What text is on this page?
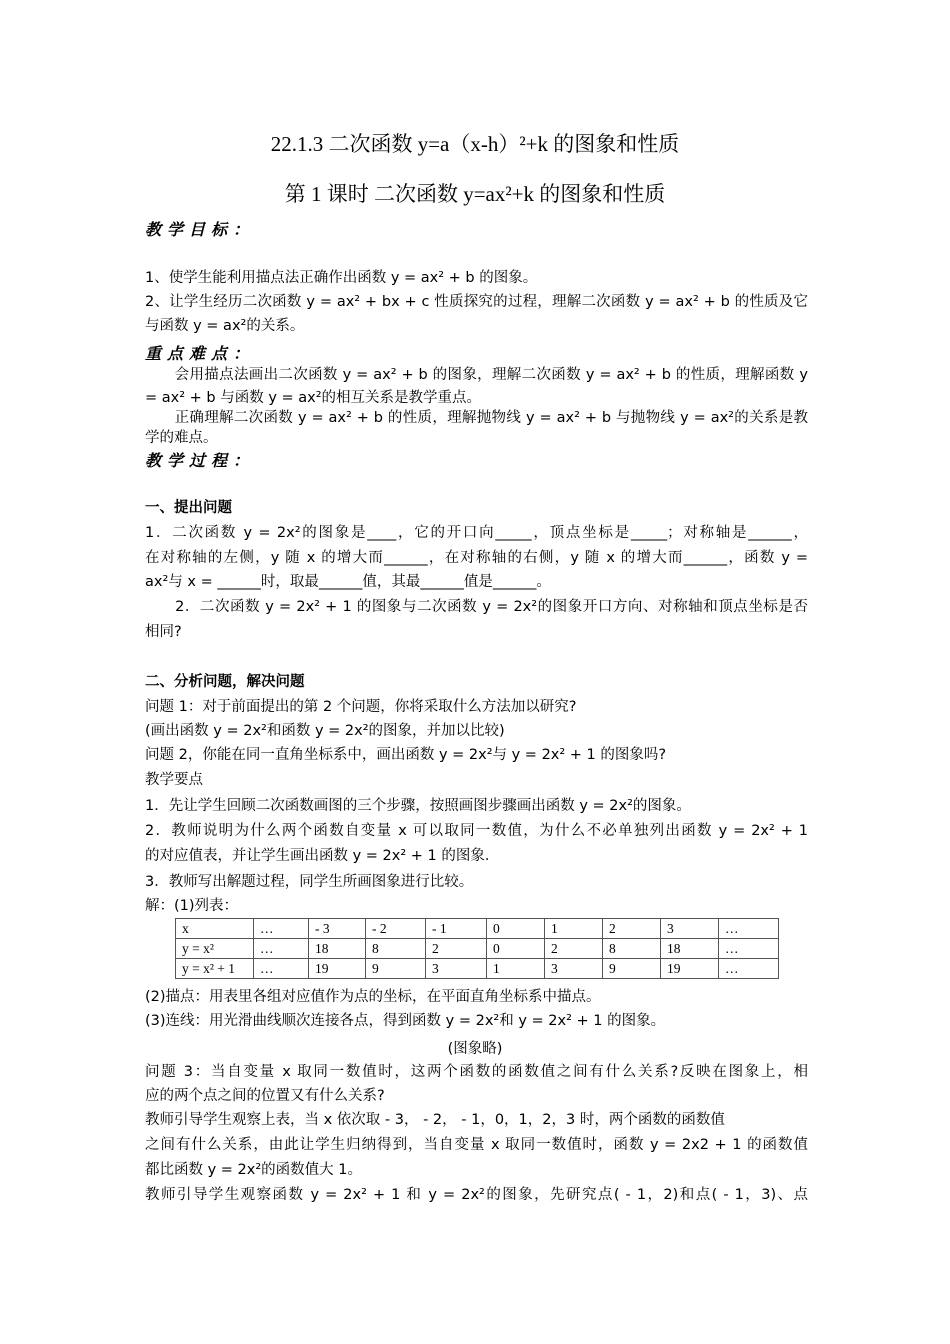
22.1.3 二次函数 y=a（x-h）²+k 的图象和性质
第 1 课时 二次函数 y=ax²+k 的图象和性质
教学目标：
1、使学生能利用描点法正确作出函数 y = ax² + b 的图象。
2、让学生经历二次函数 y = ax² + bx + c 性质探究的过程，理解二次函数 y = ax² + b 的性质及它
与函数 y = ax²的关系。
重点难点：
　　会用描点法画出二次函数 y = ax² + b 的图象，理解二次函数 y = ax² + b 的性质，理解函数 y
= ax² + b 与函数 y = ax²的相互关系是教学重点。
　　正确理解二次函数 y = ax² + b 的性质，理解抛物线 y = ax² + b 与抛物线 y = ax²的关系是教
学的难点。
教学过程：
一、提出问题
1．二次函数 y = 2x²的图象是____，它的开口向_____，顶点坐标是_____；对称轴是______，
在对称轴的左侧，y 随 x 的增大而______，在对称轴的右侧，y 随 x 的增大而______，函数 y =
ax²与 x = ______时，取最______值，其最______值是______。
　　2．二次函数 y = 2x² + 1 的图象与二次函数 y = 2x²的图象开口方向、对称轴和顶点坐标是否
相同?
二、分析问题，解决问题
问题 1：对于前面提出的第 2 个问题，你将采取什么方法加以研究?
(画出函数 y = 2x²和函数 y = 2x²的图象，并加以比较)
问题 2，你能在同一直角坐标系中，画出函数 y = 2x²与 y = 2x² + 1 的图象吗?
教学要点
1．先让学生回顾二次函数画图的三个步骤，按照画图步骤画出函数 y = 2x²的图象。
2．教师说明为什么两个函数自变量 x 可以取同一数值，为什么不必单独列出函数 y = 2x² + 1
的对应值表，并让学生画出函数 y = 2x² + 1 的图象．
3．教师写出解题过程，同学生所画图象进行比较。
解：(1)列表：
x	…	- 3	- 2	- 1	0	1	2	3	…
y = x²	…	18	8	2	0	2	8	18	…
y = x² + 1	…	19	9	3	1	3	9	19	…
(2)描点：用表里各组对应值作为点的坐标，在平面直角坐标系中描点。
(3)连线：用光滑曲线顺次连接各点，得到函数 y = 2x²和 y = 2x² + 1 的图象。
(图象略)
问题 3：当自变量 x 取同一数值时，这两个函数的函数值之间有什么关系?反映在图象上，相
应的两个点之间的位置又有什么关系?
教师引导学生观察上表，当 x 依次取 - 3， - 2， - 1，0，1，2，3 时，两个函数的函数值
之间有什么关系，由此让学生归纳得到，当自变量 x 取同一数值时，函数 y = 2x2 + 1 的函数值
都比函数 y = 2x²的函数值大 1。
教师引导学生观察函数 y = 2x² + 1 和 y = 2x²的图象，先研究点( - 1，2)和点( - 1，3)、点
